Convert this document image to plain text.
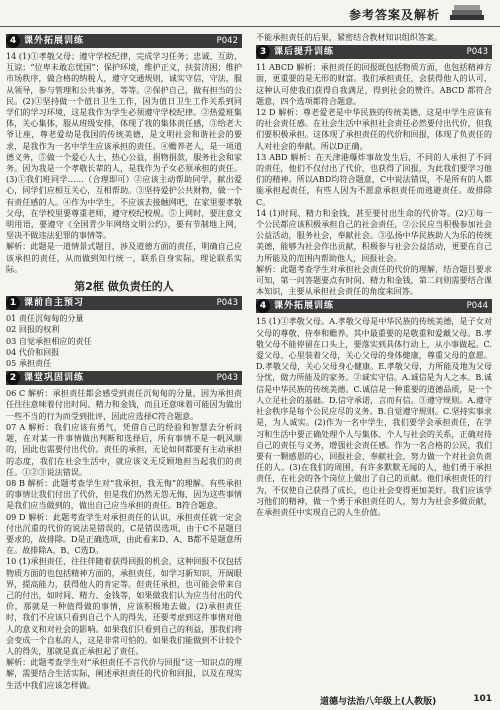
参考答案及解析
4 课外拓展训练	P042

14 (1)①孝敬父母；遵守学校纪律，完成学习任务；忠诚、互助、互谅；“位卑未敢忘忧国”；保护环境，维护正义，扶贫济困；维护市场秩序，做合格的纳税人，遵守交通规则，诚实守信，守法，服从领导，参与管理和公共事务，等等。②保护自己，做有担当的公民。(2)①坚持做一个值日卫生工作，因为值日卫生工作关系到同学们的学习环境，这是我作为学生必须遵守学校纪律。②热爱班集体，关心集体，服从班级安排，体现了我的集体责任感，③给老大爷让座，尊老爱幼是我国的传统美德，是文明社会和谐社会的要求，是我作为一名中学生应该承担的责任。④赡养老人，是一项道德义务，⑤做一个爱心人士，热心公益，捐物捐款，服务社会和家务。因为我是一个孝敬长辈的人，是我作为子女必须承担的责任。(3)①我们班同学……（合理即可）②应该主动帮助同学，献出爱心，同学们应相互关心，互相帮助。③坚持爱护公共财物，做一个有责任感的人。④作为中学生，不应该去接触网吧，在家里要孝敬父母，在学校里要尊重老师，遵守校纪校规。⑤上网时，要注意文明用语，要遵守《全国青少年网络文明公约》，要有节制地上网，坚决不做违法犯罪的事情等。

解析：此题是一道情景式题目，涉及道德方面的责任，明确自己应该承担的责任，从而做到知行统一，联系自身实际，理论联系实际。

第2框 做负责任的人
1 课前自主预习	P043

01 责任沉甸甸的分量

02 回报的权利

03 自觉承担相应的责任

04 代价和回报

05 承担责任

2 课堂巩固训练	P043

06 C 解析：承担责任都会感受到责任沉甸甸的分量，因为承担责任往往意味着付出时间、精力和金钱，而且还意味着可能因为做出一些不当的行为而受到批评，因此应选择C符合题意。

07 A 解析：我们应该有勇气，凭借自己的经验和智慧去分析问题，在对某一件事情做出判断和选择后，所有事情不是一帆风顺的，因此也需要付出代价。责任的承担，无论如何都要有主动承担的态度，我们在社会生活中，就应该义无反顾地担当起我们的责任。①②③说法错误。

08 B 解析：此题考查学生对“我承担，我无悔”的理解。有些承担的事情让我们付出了代价，但是我们仍然无怨无悔，因为这些事情是我们应当做到的，做出自己应当承担的责任。B符合题意。

09 D 解析：此题考查学生对承担责任的认识，承担责任就一定会付出沉重的代价的说法是错误的，C是错误选项，由于C不是题目要求的，故排除。D是正确选项，由此看来D、A、B都不是题意所在。故排除A、B、C选D。

10 (1)承担责任，往往伴随着获得回报的机会，这种回报不仅包括物质方面的也包括精神方面的，承担责任，如学习新知识，开阔眼界，提高能力，获得他人的肯定等。但责任承担，也可能会带来自己的付出，如时间、精力、金钱等，如果做我们认为应当付出的代价，那就是一种值得做的事情，应该积极地去做。(2)承担责任时，我们不应该只看到自己个人的得失，还要考虑到这件事情对他人的意义和对社会的影响。如果我们只看到自己的利益，那我们将会变成一个自私的人，这是非常可怕的。如果我们能做到不计较个人的得失，那就是真正承担起了责任。

解析：此题考查学生对“承担责任不言代价与回报”这一知识点的理解，需要结合生活实际，阐述承担责任的代价和回报，以及在现实生活中我们应该怎样做。

不能承担责任的后果，紧密结合教材知识组织答案。

3 课后提升训练	P043

11 ABCD 解析：承担责任的回报既包括物质方面，也包括精神方面，更重要的是无形的财富。我们承担责任，会获得他人的认可，这种认可使我们获得自我满足，得到社会的赞许。ABCD 都符合题意，四个选项都符合题意。

12 D 解析：尊老爱老是中华民族的传统美德，这是中学生应该有的社会责任感。在社会生活中承担社会责任必然要付出代价，但我们要积极承担。这体现了承担责任的代价和回报，体现了负责任的人对社会的奉献。所以D正确。

13 ABD 解析：在天津港爆炸事故发生后，不同的人承担了不同的责任，他们不仅付出了代价，也获得了回报，为此我们要学习他们的精神。所以ABD均符合题意，C中说法错误，不是所有的人都能承担起责任，有些人因为不愿意承担责任而逃避责任。故排除C。

14 (1)时间、精力和金钱，甚至要付出生命的代价等。(2)①每一个公民都应该积极承担自己的社会责任，②公民应当积极参加社会公益活动，服务社会，奉献社会。③弘扬中华民族助人为乐的传统美德，能够为社会作出贡献，积极参与社会公益活动，更要在自己力所能及的范围内帮助他人，回报社会。

解析：此题考查学生对承担社会责任的代价的理解，结合题目要求可知，第一问答题要点有时间、精力和金钱，第二问则需要结合课本知识，主要从承担社会责任的角度来回答。

4 课外拓展训练	P044

15 (1)①孝敬父母。A.孝敬父母是中华民族的传统美德，是子女对父母的尊敬、侍奉和赡养。其中最重要的是敬重和爱戴父母。B.孝敬父母不能停留在口头上，要落实到具体行动上，从小事做起。C.爱父母、心里装着父母，关心父母的身体健康，尊重父母的意愿。D.孝敬父母，关心父母身心健康。E.孝敬父母，力所能及地为父母分忧，做力所能及的家务。②诚实守信。A.诚信是为人之本。B.诚信是中华民族的传统美德。C.诚信是一种重要的道德品质，是一个人立足社会的基础。D.信守承诺，言而有信。③遵守规则。A.遵守社会秩序是每个公民应尽的义务。B.自觉遵守规则。C.坚持实事求是，为人诚实。(2)作为一名中学生，我们要学会承担责任，在学习和生活中要正确处理个人与集体、个人与社会的关系，正确对待自己的责任与义务，增强社会责任感。作为一名合格的公民，我们要有一颗感恩的心，回报社会、奉献社会，努力做一个对社会负责任的人。(3)在我们的周围，有许多默默无闻的人，他们勇于承担责任，在社会的各个岗位上做出了自己的贡献。他们承担责任的行为，不仅使自己获得了成长，也让社会变得更加美好。我们应该学习他们的精神，做一个勇于承担责任的人，努力为社会多做贡献，在承担责任中实现自己的人生价值。

道德与法治八年级上(人教版)	101
